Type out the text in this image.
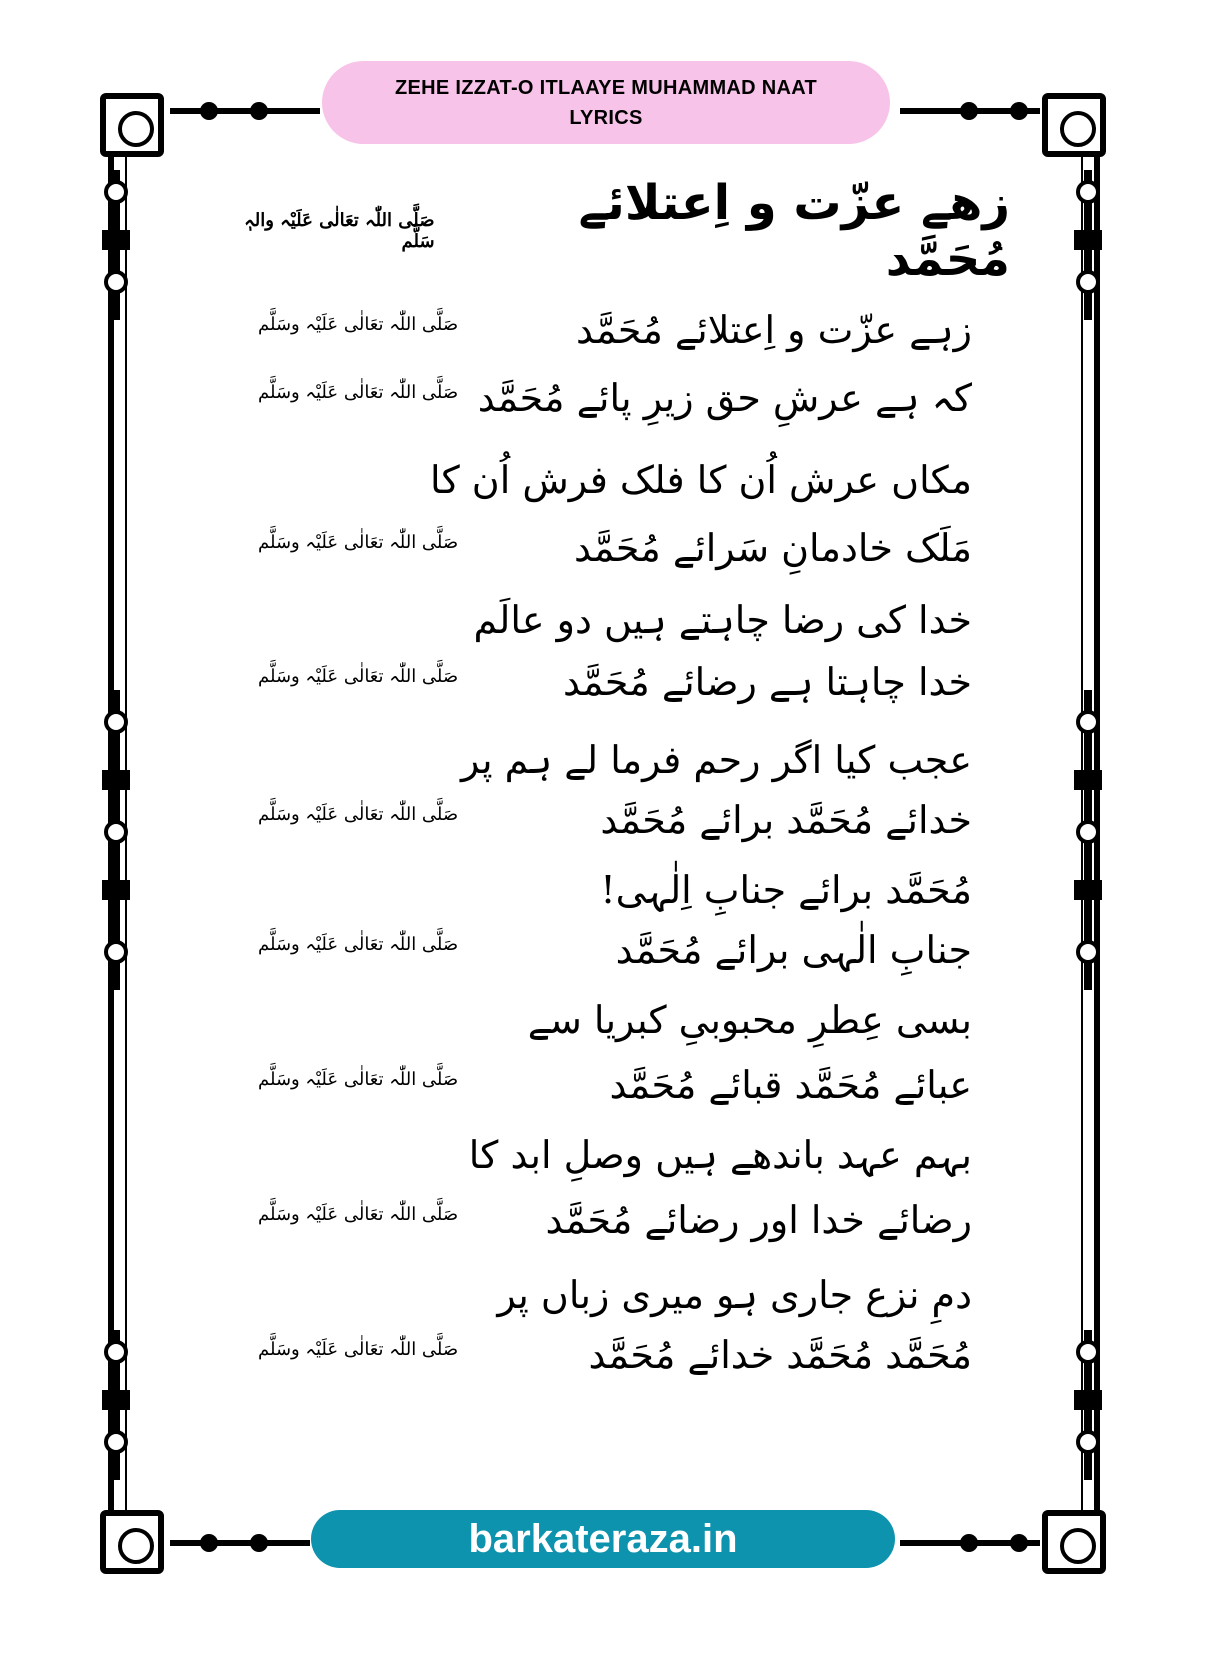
ZEHE IZZAT-O ITLAAYE MUHAMMAD NAAT
LYRICS
زھے عزّت و اِعتلائے مُحَمَّد
صَلَّی اللّٰہ تعَالٰی عَلَیْہ والہٖ سَلَّم
زہے عزّت و اِعتلائے مُحَمَّد
صَلَّی اللّٰہ تعَالٰی عَلَیْہ وسَلَّم
کہ ہے عرشِ حق زیرِ پائے مُحَمَّد
صَلَّی اللّٰہ تعَالٰی عَلَیْہ وسَلَّم
مکاں عرش اُن کا فلک فرش اُن کا
مَلَک خادمانِ سَرائے مُحَمَّد
صَلَّی اللّٰہ تعَالٰی عَلَیْہ وسَلَّم
خدا کی رضا چاہتے ہیں دو عالَم
خدا چاہتا ہے رضائے مُحَمَّد
صَلَّی اللّٰہ تعَالٰی عَلَیْہ وسَلَّم
عجب کیا اگر رحم فرما لے ہم پر
خدائے مُحَمَّد برائے مُحَمَّد
صَلَّی اللّٰہ تعَالٰی عَلَیْہ وسَلَّم
مُحَمَّد برائے جنابِ اِلٰہی!
جنابِ الٰہی برائے مُحَمَّد
صَلَّی اللّٰہ تعَالٰی عَلَیْہ وسَلَّم
بسی عِطرِ محبوبیِ کبریا سے
عبائے مُحَمَّد قبائے مُحَمَّد
صَلَّی اللّٰہ تعَالٰی عَلَیْہ وسَلَّم
بہم عہد باندھے ہیں وصلِ ابد کا
رضائے خدا اور رضائے مُحَمَّد
صَلَّی اللّٰہ تعَالٰی عَلَیْہ وسَلَّم
دمِ نزع جاری ہو میری زباں پر
مُحَمَّد مُحَمَّد خدائے مُحَمَّد
صَلَّی اللّٰہ تعَالٰی عَلَیْہ وسَلَّم
barkateraza.in
